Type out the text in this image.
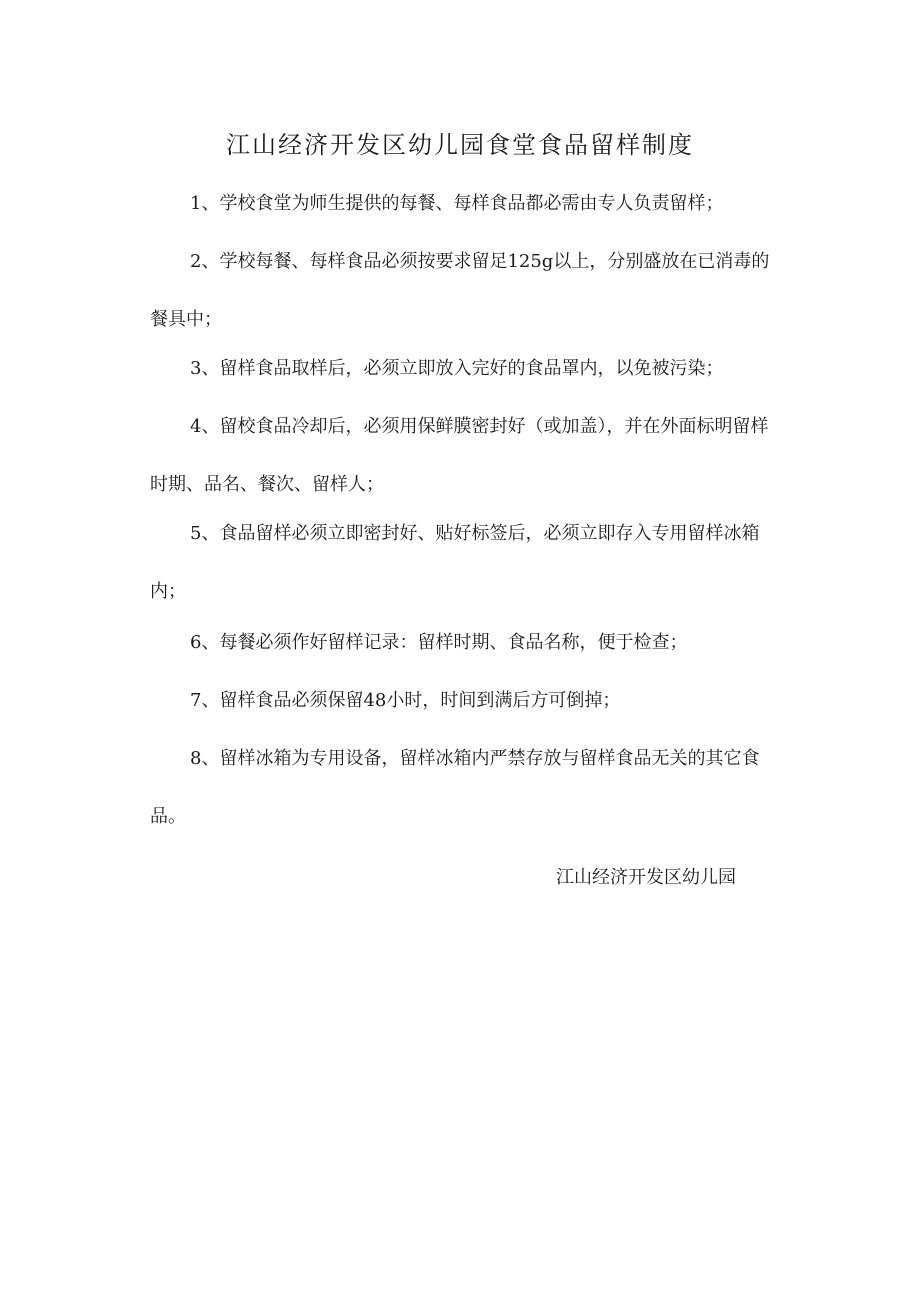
江山经济开发区幼儿园食堂食品留样制度

1、学校食堂为师生提供的每餐、每样食品都必需由专人负责留样；

2、学校每餐、每样食品必须按要求留足125g以上，分别盛放在已消毒的餐具中；

3、留样食品取样后，必须立即放入完好的食品罩内，以免被污染；

4、留校食品冷却后，必须用保鲜膜密封好（或加盖），并在外面标明留样时期、品名、餐次、留样人；

5、食品留样必须立即密封好、贴好标签后，必须立即存入专用留样冰箱内；

6、每餐必须作好留样记录：留样时期、食品名称，便于检查；

7、留样食品必须保留48小时，时间到满后方可倒掉；

8、留样冰箱为专用设备，留样冰箱内严禁存放与留样食品无关的其它食品。

江山经济开发区幼儿园
